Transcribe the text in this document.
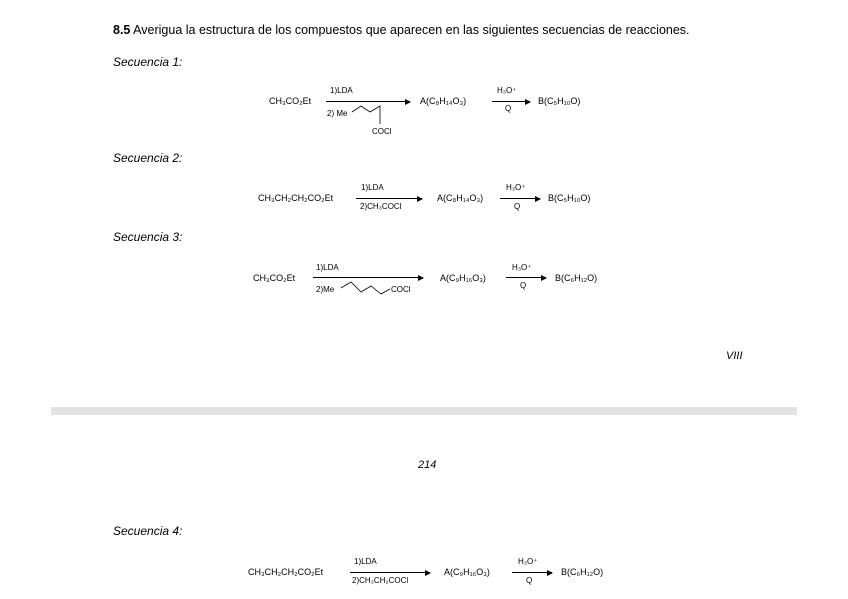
8.5 Averigua la estructura de los compuestos que aparecen en las siguientes secuencias de reacciones.
Secuencia 1:
CH₃CO₂Et
1)LDA
2) Me
COCl
A(C₈H₁₄O₃)
H₃O⁺
Q
B(C₅H₁₀O)
Secuencia 2:
CH₃CH₂CH₂CO₂Et
1)LDA
2)CH₃COCl
A(C₈H₁₄O₃)
H₃O⁺
Q
B(C₅H₁₀O)
Secuencia 3:
CH₃CO₂Et
1)LDA
2)Me	COCl
A(C₉H₁₆O₃)
H₃O⁺
Q
B(C₆H₁₂O)
VIII
214
Secuencia 4:
CH₃CH₂CH₂CO₂Et
1)LDA
2)CH₃CH₂COCl
A(C₉H₁₆O₃)
H₃O⁺
Q
B(C₆H₁₂O)
